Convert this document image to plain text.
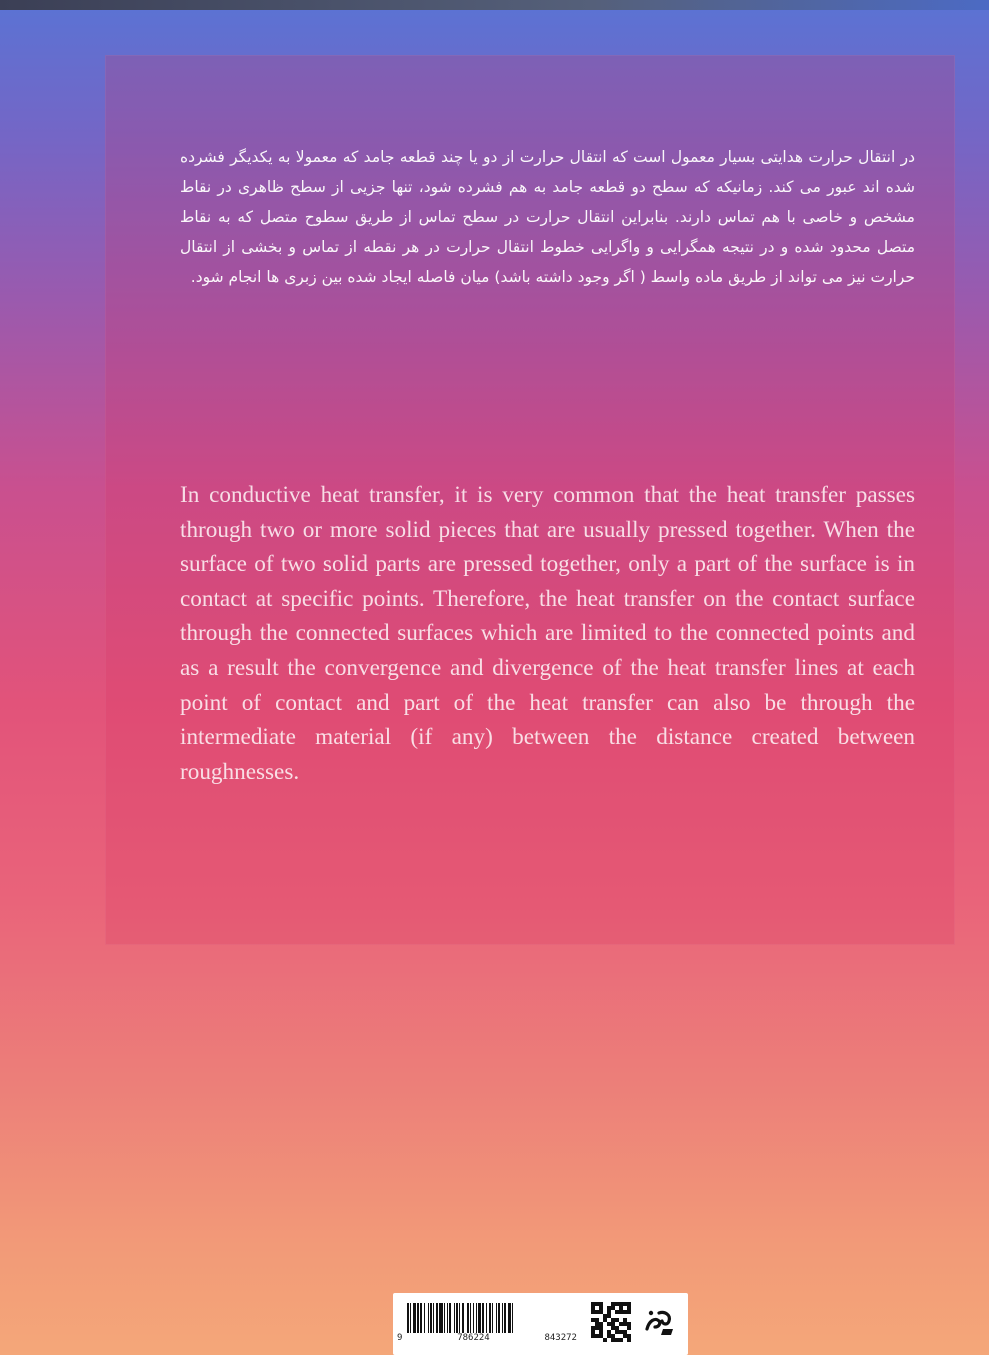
در انتقال حرارت هدایتی بسیار معمول است که انتقال حرارت از دو یا چند قطعه جامد که معمولا به یکدیگر فشرده شده اند عبور می کند. زمانیکه که سطح دو قطعه جامد به هم فشرده شود، تنها جزیی از سطح ظاهری در نقاط مشخص و خاصی با هم تماس دارند. بنابراین انتقال حرارت در سطح تماس از طریق سطوح متصل که به نقاط متصل محدود شده و در نتیجه همگرایی و واگرایی خطوط انتقال حرارت در هر نقطه از تماس و بخشی از انتقال حرارت نیز می تواند از طریق ماده واسط ( اگر وجود داشته باشد) میان فاصله ایجاد شده بین زبری ها انجام شود.

In conductive heat transfer, it is very common that the heat transfer passes through two or more solid pieces that are usually pressed together. When the surface of two solid parts are pressed together, only a part of the surface is in contact at specific points. Therefore, the heat transfer on the contact surface through the connected surfaces which are limited to the connected points and as a result the convergence and divergence of the heat transfer lines at each point of contact and part of the heat transfer can also be through the intermediate material (if any) between the distance created between roughnesses.

9	786224	843272
